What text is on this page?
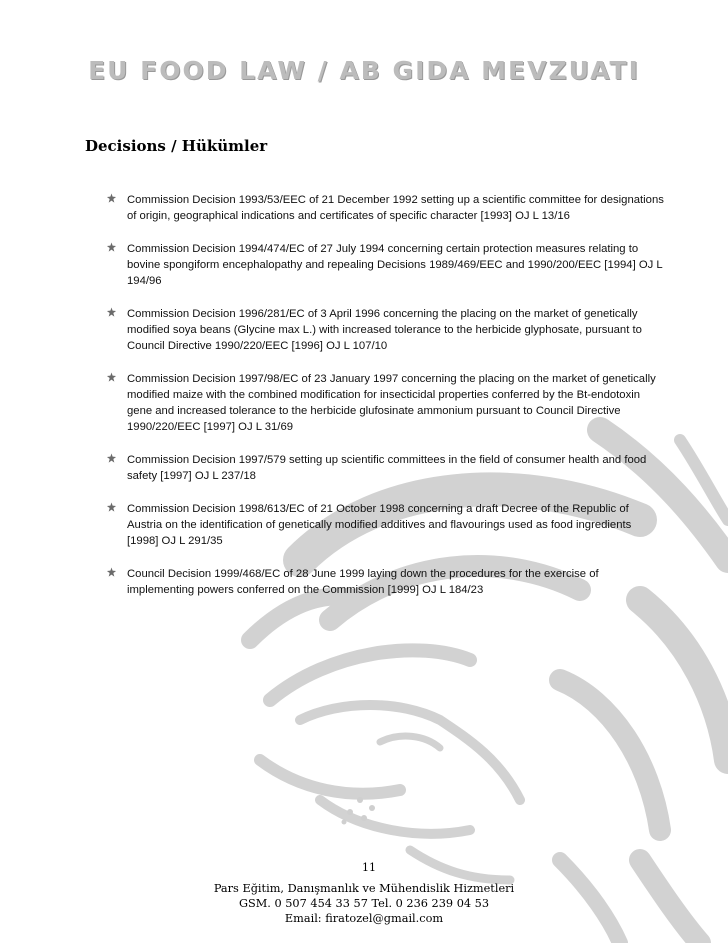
EU FOOD LAW / AB GIDA MEVZUATI
Decisions / Hükümler
Commission Decision 1993/53/EEC of 21 December 1992 setting up a scientific committee for designations of origin, geographical indications and certificates of specific character [1993] OJ L 13/16
Commission Decision 1994/474/EC of 27 July 1994 concerning certain protection measures relating to bovine spongiform encephalopathy and repealing Decisions 1989/469/EEC and 1990/200/EEC [1994] OJ L 194/96
Commission Decision 1996/281/EC of 3 April 1996 concerning the placing on the market of genetically modified soya beans (Glycine max L.) with increased tolerance to the herbicide glyphosate, pursuant to Council Directive 1990/220/EEC [1996] OJ L 107/10
Commission Decision 1997/98/EC of 23 January 1997 concerning the placing on the market of genetically modified maize with the combined modification for insecticidal properties conferred by the Bt-endotoxin gene and increased tolerance to the herbicide glufosinate ammonium pursuant to Council Directive 1990/220/EEC [1997] OJ L 31/69
Commission Decision 1997/579 setting up scientific committees in the field of consumer health and food safety [1997] OJ L 237/18
Commission Decision 1998/613/EC of 21 October 1998 concerning a draft Decree of the Republic of Austria on the identification of genetically modified additives and flavourings used as food ingredients [1998] OJ L 291/35
Council Decision 1999/468/EC of 28 June 1999 laying down the procedures for the exercise of implementing powers conferred on the Commission [1999] OJ L 184/23
11
Pars Eğitim, Danışmanlık ve Mühendislik Hizmetleri
GSM. 0 507 454 33 57 Tel. 0 236 239 04 53
Email: firatozel@gmail.com
